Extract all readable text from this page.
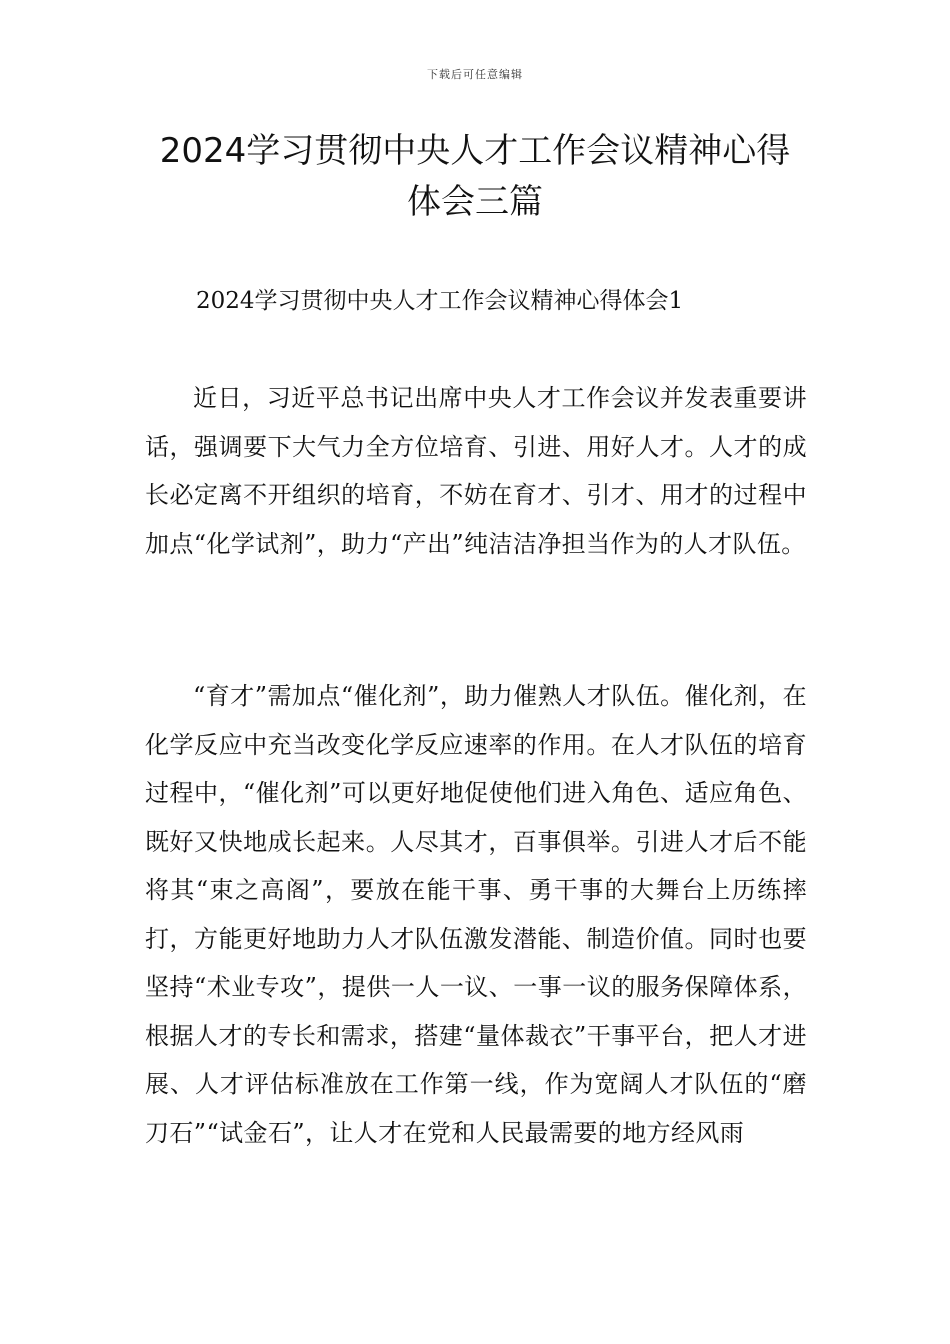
下载后可任意编辑
2024学习贯彻中央人才工作会议精神心得体会三篇

2024学习贯彻中央人才工作会议精神心得体会1

近日，习近平总书记出席中央人才工作会议并发表重要讲话，强调要下大气力全方位培育、引进、用好人才。人才的成长必定离不开组织的培育，不妨在育才、引才、用才的过程中加点“化学试剂”，助力“产出”纯洁洁净担当作为的人才队伍。

“育才”需加点“催化剂”，助力催熟人才队伍。催化剂，在化学反应中充当改变化学反应速率的作用。在人才队伍的培育过程中，“催化剂”可以更好地促使他们进入角色、适应角色、既好又快地成长起来。人尽其才，百事俱举。引进人才后不能将其“束之高阁”，要放在能干事、勇干事的大舞台上历练摔打，方能更好地助力人才队伍激发潜能、制造价值。同时也要坚持“术业专攻”，提供一人一议、一事一议的服务保障体系，根据人才的专长和需求，搭建“量体裁衣”干事平台，把人才进展、人才评估标准放在工作第一线，作为宽阔人才队伍的“磨刀石”“试金石”，让人才在党和人民最需要的地方经风雨
